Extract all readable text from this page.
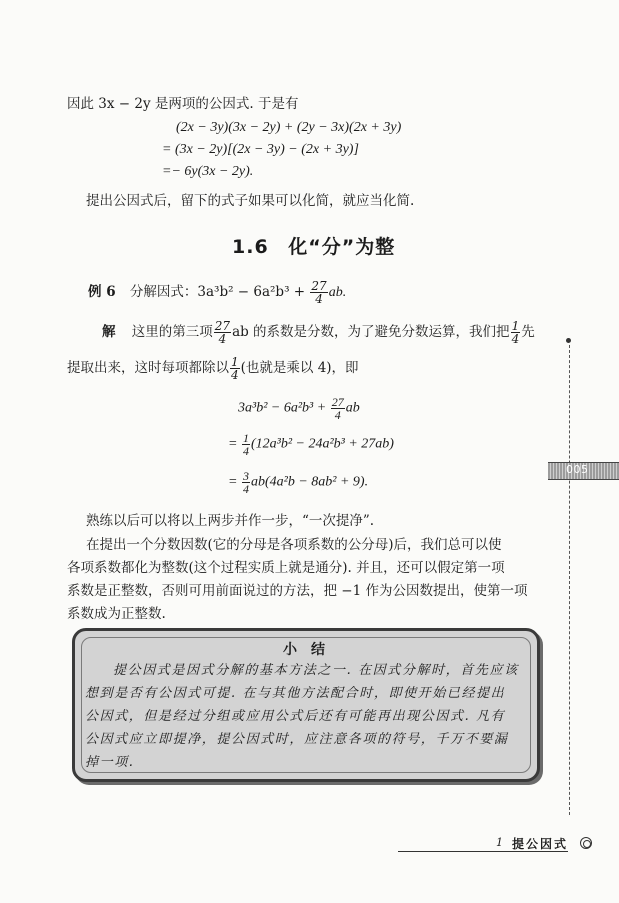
因此 3x − 2y 是两项的公因式. 于是有
(2x − 3y)(3x − 2y) + (2y − 3x)(2x + 3y)
= (3x − 2y)[(2x − 3y) − (2x + 3y)]
=− 6y(3x − 2y).
提出公因式后，留下的式子如果可以化简，就应当化简.
1.6 化“分”为整
例 6 分解因式：$3a^3b^2 - 6a^2b^3 + \frac{27}{4}$ ab.
解 这里的第三项 $\frac{27}{4}$ ab 的系数是分数，为了避免分数运算，我们把 $\frac{1}{4}$ 先
提取出来，这时每项都除以 $\frac{1}{4}$ (也就是乘以 4)，即
$3a^3b^2 - 6a^2b^3 + \frac{27}{4}$ ab
= $\frac{1}{4} (12a^3b^2 - 24a^2b^3 + 27ab)$
= $\frac{3}{4} ab(4a^2b - 8ab^2 + 9)$.
熟练以后可以将以上两步并作一步，“一次提净”.
在提出一个分数因数(它的分母是各项系数的公分母)后，我们总可以使
各项系数都化为整数(这个过程实质上就是通分). 并且，还可以假定第一项
系数是正整数，否则可用前面说过的方法，把 −1 作为公因数提出，使第一项
系数成为正整数.
小结
提公因式是因式分解的基本方法之一. 在因式分解时，首先应该
想到是否有公因式可提. 在与其他方法配合时，即使开始已经提出
公因式，但是经过分组或应用公式后还有可能再出现公因式. 凡有
公因式应立即提净，提公因式时，应注意各项的符号，千万不要漏
掉一项.
005
1 提公因式
